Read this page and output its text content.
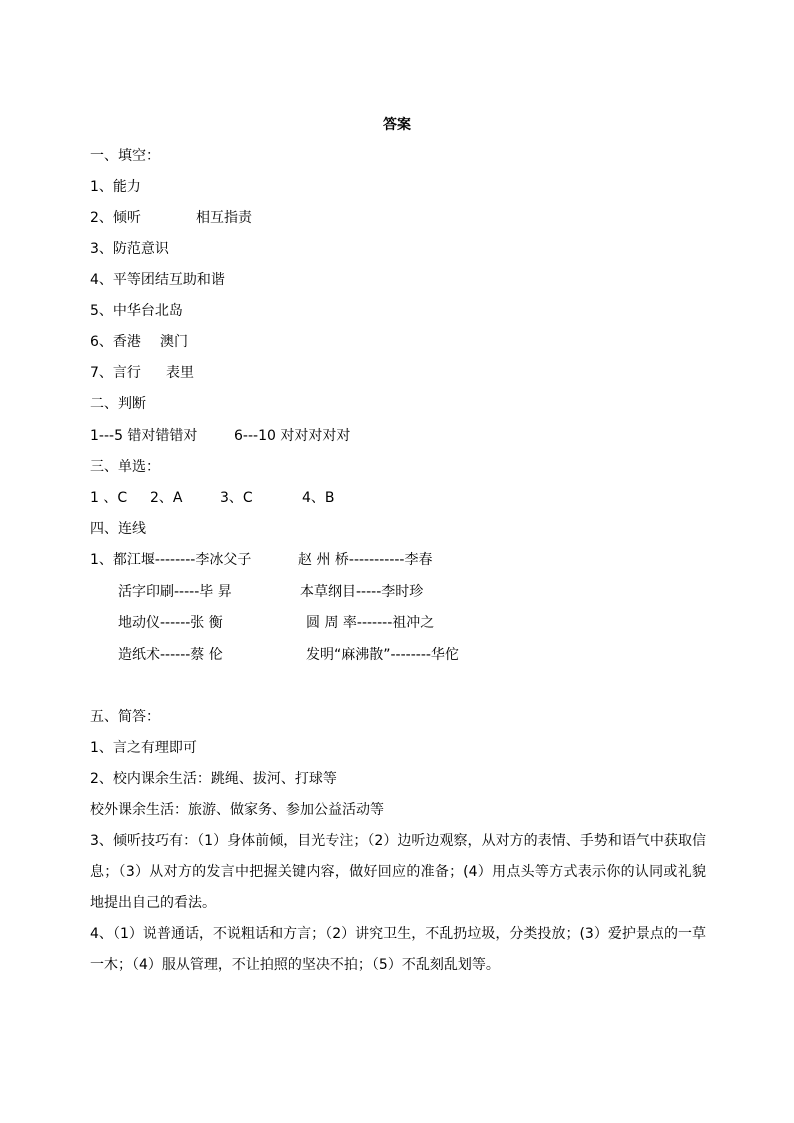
答案
一、填空：
1、能力
2、倾听	相互指责
3、防范意识
4、平等团结互助和谐
5、中华台北岛
6、香港 澳门
7、言行 表里
二、判断
1---5 错对错错对	6---10 对对对对对
三、单选：
1 、C 2、A	3、C	4、B
四、连线
1、都江堰--------李冰父子	赵 州 桥-----------李春
活字印刷-----毕 昇	本草纲目-----李时珍
地动仪------张 衡	圆 周 率-------祖冲之
造纸术------蔡 伦	发明“麻沸散”--------华佗
五、简答：
1、言之有理即可
2、校内课余生活：跳绳、拔河、打球等
校外课余生活：旅游、做家务、参加公益活动等
3、倾听技巧有：（1）身体前倾，目光专注；（2）边听边观察，从对方的表情、手势和语气中获取信息；（3）从对方的发言中把握关键内容，做好回应的准备；(4）用点头等方式表示你的认同或礼貌地提出自己的看法。
4、（1）说普通话，不说粗话和方言；（2）讲究卫生，不乱扔垃圾，分类投放；(3）爱护景点的一草一木；（4）服从管理，不让拍照的坚决不拍；（5）不乱刻乱划等。
